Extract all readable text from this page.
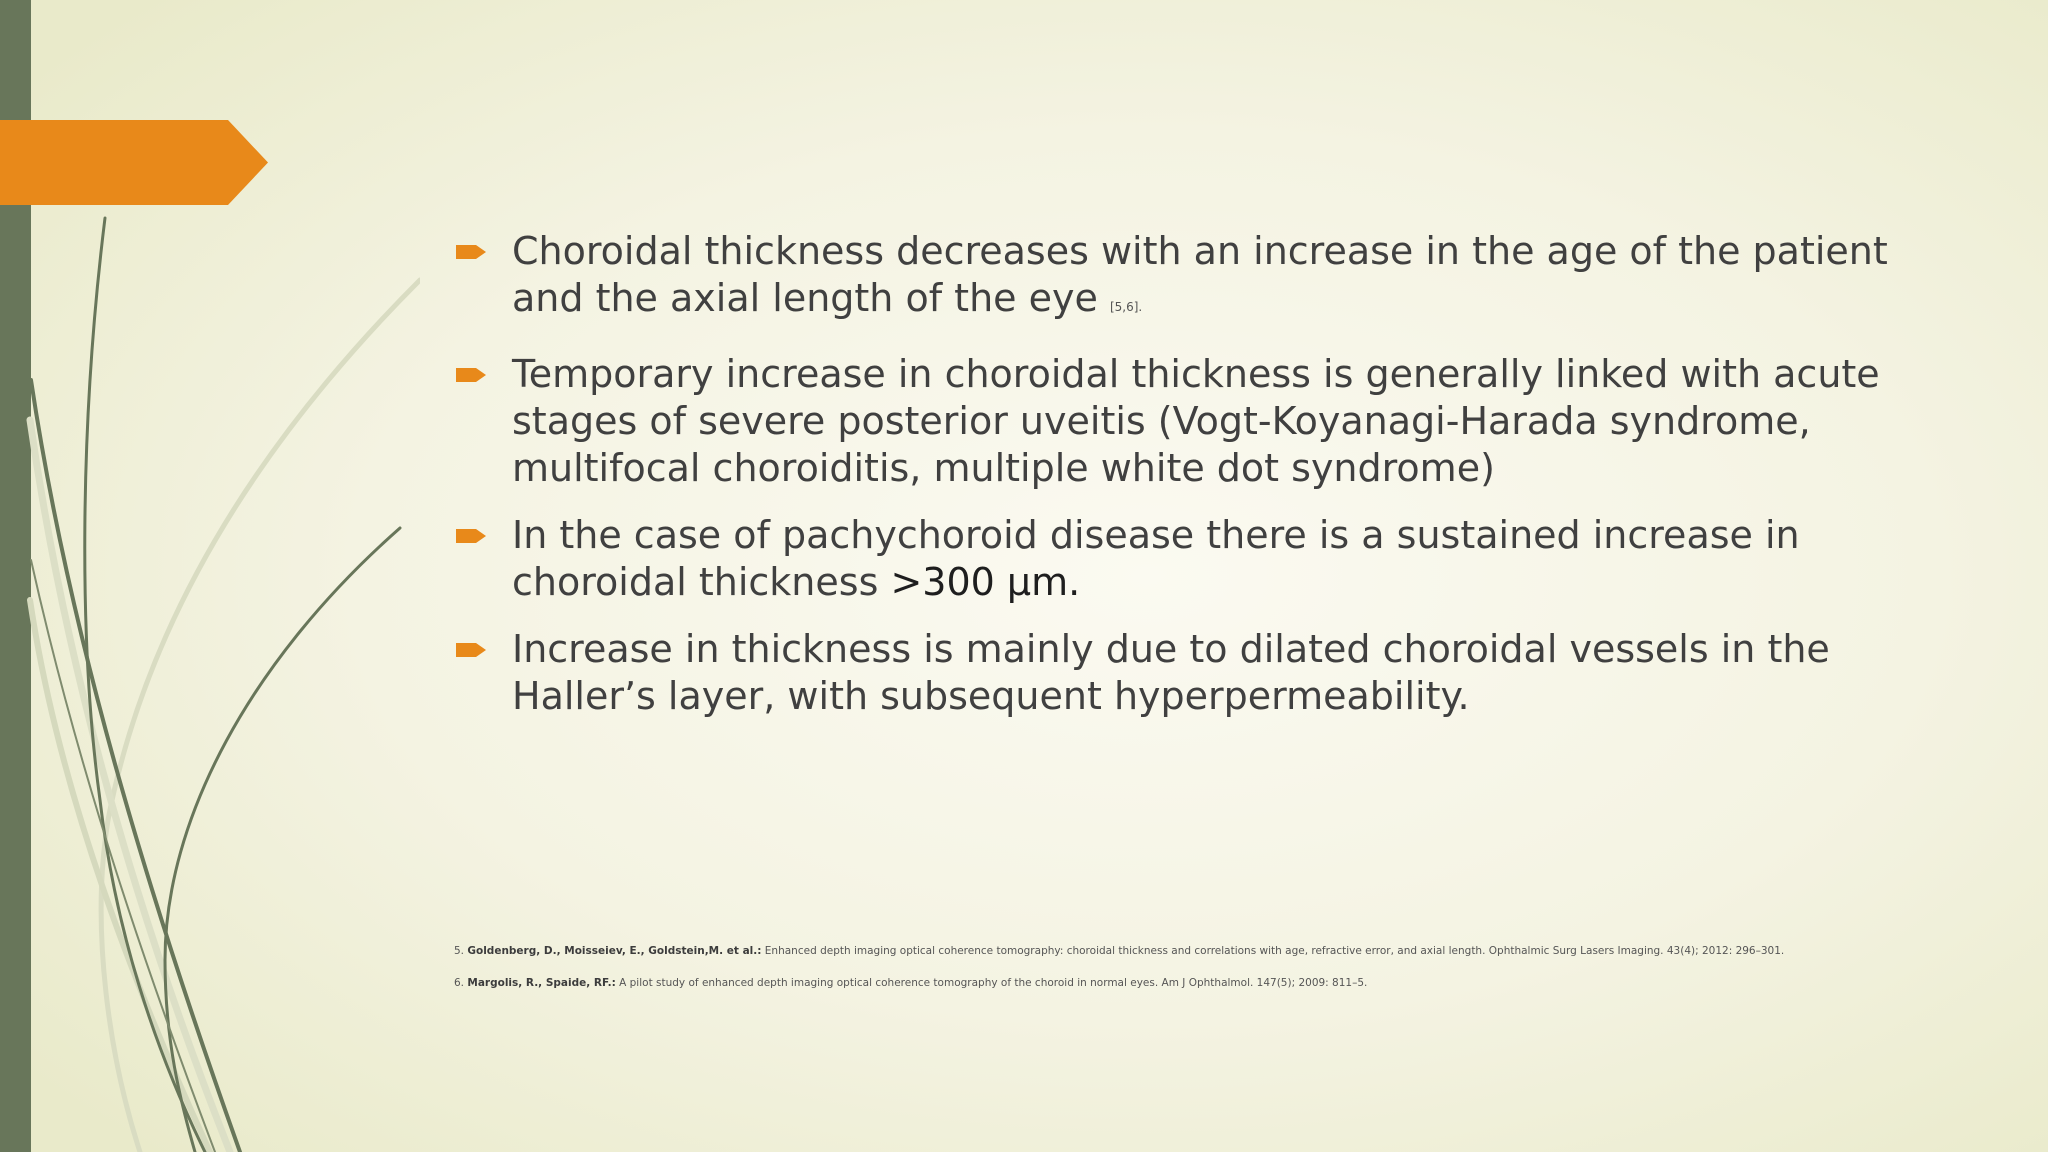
Choroidal thickness decreases with an increase in the age of the patient and the axial length of the eye [5,6].
Temporary increase in choroidal thickness is generally linked with acute stages of severe posterior uveitis (Vogt-Koyanagi-Harada syndrome, multifocal choroiditis, multiple white dot syndrome)
In the case of pachychoroid disease there is a sustained increase in choroidal thickness >300 μm.
Increase in thickness is mainly due to dilated choroidal vessels in the Haller’s layer, with subsequent hyperpermeability.

5. Goldenberg, D., Moisseiev, E., Goldstein,M. et al.: Enhanced depth imaging optical coherence tomography: choroidal thickness and correlations with age, refractive error, and axial length. Ophthalmic Surg Lasers Imaging. 43(4); 2012: 296–301.

6. Margolis, R., Spaide, RF.: A pilot study of enhanced depth imaging optical coherence tomography of the choroid in normal eyes. Am J Ophthalmol. 147(5); 2009: 811–5.
